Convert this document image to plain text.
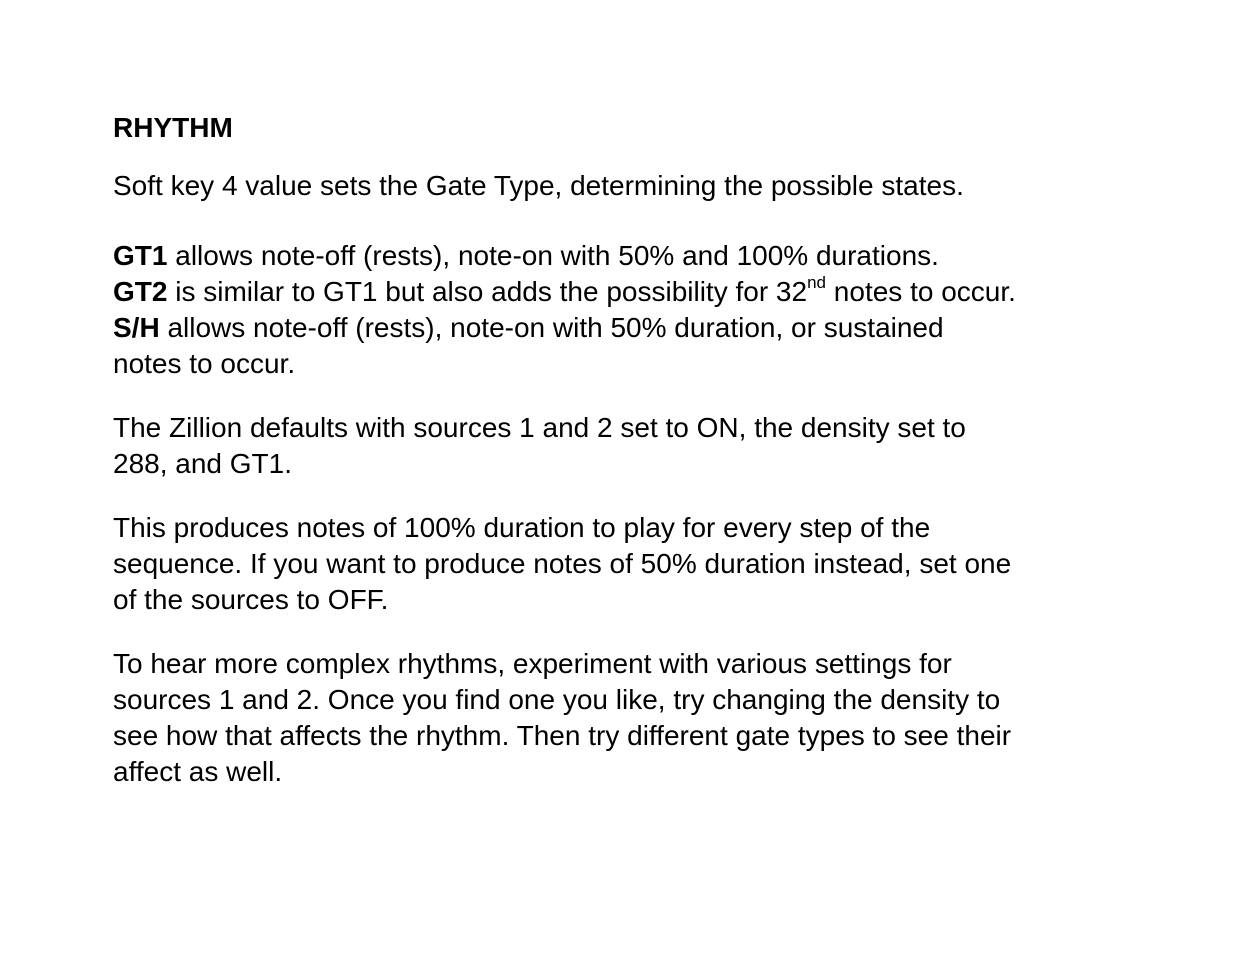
RHYTHM
Soft key 4 value sets the Gate Type, determining the possible states.
GT1 allows note-off (rests), note-on with 50% and 100% durations.
GT2 is similar to GT1 but also adds the possibility for 32nd notes to occur.
S/H allows note-off (rests), note-on with 50% duration, or sustained
notes to occur.
The Zillion defaults with sources 1 and 2 set to ON, the density set to
288, and GT1.
This produces notes of 100% duration to play for every step of the
sequence. If you want to produce notes of 50% duration instead, set one
of the sources to OFF.
To hear more complex rhythms, experiment with various settings for
sources 1 and 2. Once you find one you like, try changing the density to
see how that affects the rhythm. Then try different gate types to see their
affect as well.
